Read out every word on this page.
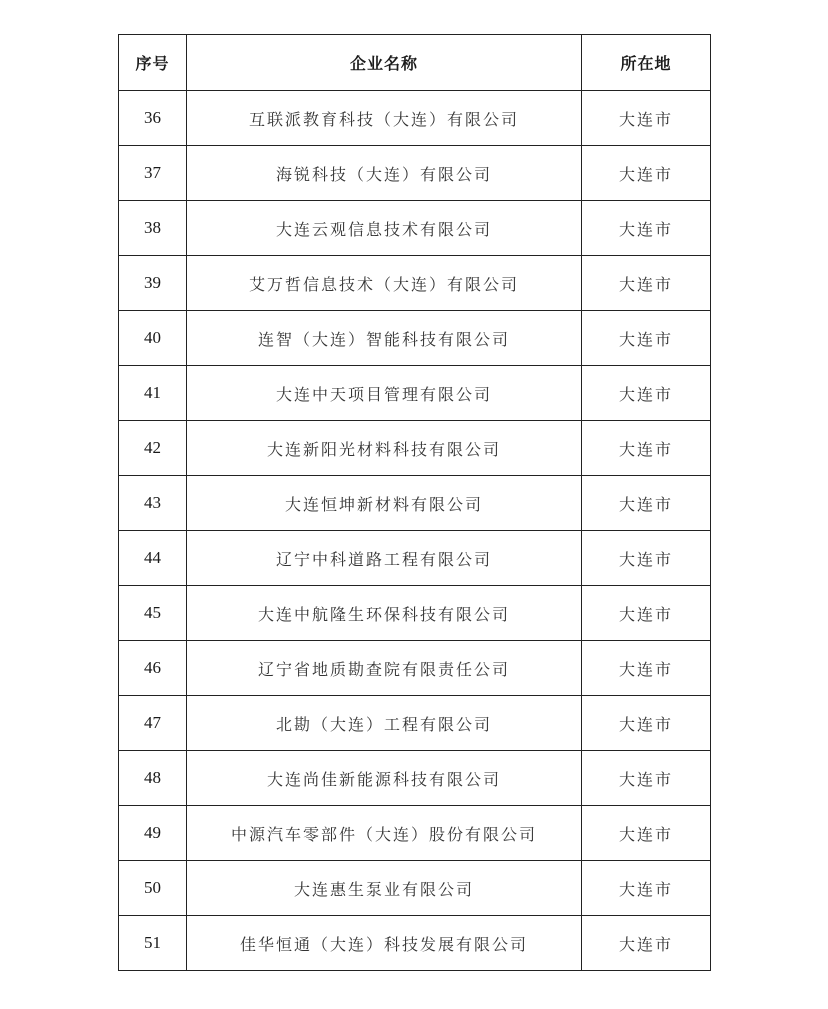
序号	企业名称	所在地
36	互联派教育科技（大连）有限公司	大连市
37	海锐科技（大连）有限公司	大连市
38	大连云观信息技术有限公司	大连市
39	艾万哲信息技术（大连）有限公司	大连市
40	连智（大连）智能科技有限公司	大连市
41	大连中天项目管理有限公司	大连市
42	大连新阳光材料科技有限公司	大连市
43	大连恒坤新材料有限公司	大连市
44	辽宁中科道路工程有限公司	大连市
45	大连中航隆生环保科技有限公司	大连市
46	辽宁省地质勘查院有限责任公司	大连市
47	北勘（大连）工程有限公司	大连市
48	大连尚佳新能源科技有限公司	大连市
49	中源汽车零部件（大连）股份有限公司	大连市
50	大连惠生泵业有限公司	大连市
51	佳华恒通（大连）科技发展有限公司	大连市
